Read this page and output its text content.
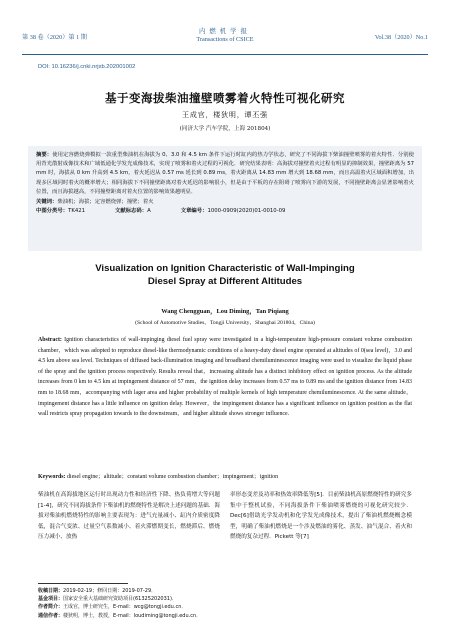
第 38 卷（2020）第 1 期
内燃机学报
Transactions of CSICE	Vol.38（2020）No.1
DOI: 10.16236/j.cnki.nrjxb.202001002
基于变海拔柴油撞壁喷雾着火特性可视化研究
王成官，楼狄明，谭丕强
(同济大学 汽车学院，上海 201804)
摘要：使用定容燃烧弹模拟一款重型柴油机在海拔为 0、3.0 和 4.5 km 条件下运行时缸内的热力学状态，研究了不同海拔下柴油撞壁喷雾的着火特性．分别使用背光散射成像技术和广域低通化学发光成像技术，实现了喷雾和着火过程的可视化．研究结果表明：高海拔对撞壁着火过程有明显的抑制效果，撞壁距离为 57 mm 时，海拔从 0 km 升高到 4.5 km，着火延迟从 0.57 ms 延长到 0.89 ms，着火距离从 14.83 mm 增大到 18.68 mm，而且高温着火区域面积增加，出现多区域同时着火的概率增大；相同海拔下不同撞壁距离对着火延迟的影响很小，但是由于平板的存在阻碍了喷雾向下游的发展，不同撞壁距离会显著影响着火位置，而且海拔越高，不同撞壁距离对着火位置的影响效果越明显．
关键词：柴油机；海拔；定容燃烧弹；撞壁；着火
中图分类号：TK421	文献标志码：A	文章编号：1000-0909(2020)01-0010-09
Visualization on Ignition Characteristic of Wall-Impinging
Diesel Spray at Different Altitudes
Wang Chengguan，Lou Diming，Tan Piqiang
(School of Automotive Studies，Tongji University，Shanghai 201804，China)
Abstract: Ignition characteristics of wall-impinging diesel fuel spray were investigated in a high-temperature high-pressure constant volume combustion chamber，which was adopted to reproduce diesel-like thermodynamic conditions of a heavy-duty diesel engine operated at altitudes of 0(sea level)，3.0 and 4.5 km above sea level. Techniques of diffused back-illumination imaging and broadband chemiluminescence imaging were used to visualize the liquid phase of the spray and the ignition process respectively. Results reveal that，increasing altitude has a distinct inhibitory effect on ignition process. As the altitude increases from 0 km to 4.5 km at impingement distance of 57 mm，the ignition delay increases from 0.57 ms to 0.89 ms and the ignition distance from 14.83 mm to 18.68 mm，accompanying with lager area and higher probability of multiple kernels of high temperature chemiluminescence. At the same altitude，impingement distance has a little influence on ignition delay. However，the impingement distance has a significant influence on ignition position as the flat wall restricts spray propagation towards to the downstream，and higher altitude shows stronger influence.
Keywords: diesel engine；altitude；constant volume combustion chamber；impingement；ignition
柴油机在高海拔地区运行时出现动力性和经济性下降、热负荷增大等问题[1-4]，研究不同海拔条件下柴油机的燃烧特性是解决上述问题的基础．海拔对柴油机燃烧特性的影响主要表现为：进气充量减小、缸内介质密度降低，混合气变浓、过量空气系数减小、着火滞燃期变长，燃烧滞后、燃烧压力减小、放热
率形态变差及功率和热效率降低等[5]．目前柴油机高原燃烧特性的研究多集中于整机试验，不同海拔条件下柴油喷雾燃烧的可视化研究较少．Dec[6]借助光学发动机和化学发光成像技术，提出了柴油机燃烧概念模型，明确了柴油机燃烧是一个涉及燃油的雾化、蒸发、油气混合、着火和燃烧的复杂过程．Pickett 等[7]
收稿日期：2019-02-19；修回日期：2019-07-29．
基金项目：国家安全重大基础研究资助项目(61325202031)．
作者简介：王成官，博士研究生，E-mail：wcg@tongji.edu.cn．
通信作者：楼狄明，博士，教授，E-mail：loudiming@tongji.edu.cn．
